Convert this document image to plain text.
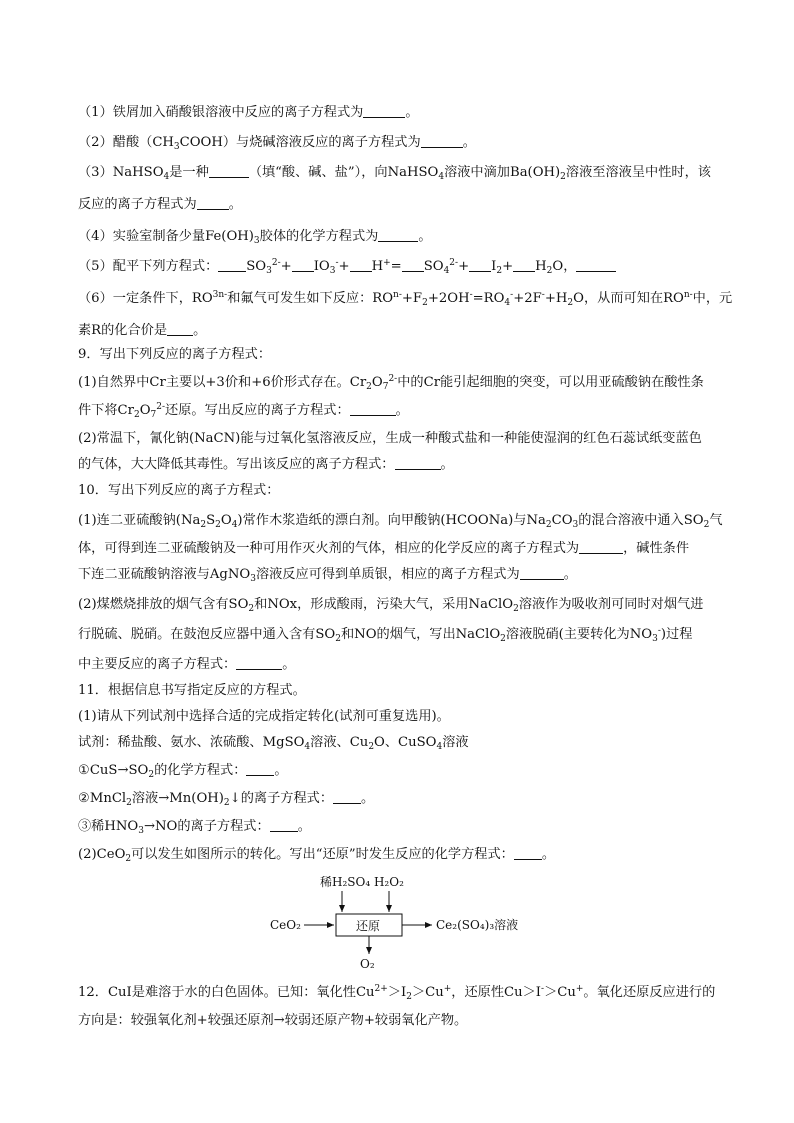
（1）铁屑加入硝酸银溶液中反应的离子方程式为	。
（2）醋酸$(CH_3COOH)$与烧碱溶液反应的离子方程式为	。
（3）NaHSO$_4$是一种	（填“酸、碱、盐”），向NaHSO$_4$溶液中滴加$Ba(OH)_2$溶液至溶液呈中性时，该
反应的离子方程式为 。
（4）实验室制备少量$Fe(OH)_3$胶体的化学方程式为	。
（5）配平下列方程式： $SO_3^{2-}+ IO_3^-+ H^+= SO_4^{2-}+ I_2+ H_2O$，
（6）一定条件下，$RO^{3n-}$和氟气可发生如下反应：$RO^{n-}+F_2+2OH^-=RO_4^-+2F^-+H_2O$，从而可知在$RO^{n-}$中，元
素R的化合价是 。
9．写出下列反应的离子方程式：
(1)自然界中Cr主要以+3价和+6价形式存在。$Cr_2O_7^{2-}$中的Cr能引起细胞的突变，可以用亚硫酸钠在酸性条
件下将$Cr_2O_7^{2-}$还原。写出反应的离子方程式：	。
(2)常温下，氰化钠(NaCN)能与过氧化氢溶液反应，生成一种酸式盐和一种能使湿润的红色石蕊试纸变蓝色
的气体，大大降低其毒性。写出该反应的离子方程式：	。
10．写出下列反应的离子方程式：
(1)连二亚硫酸钠$(Na_2S_2O_4)$常作木浆造纸的漂白剂。向甲酸钠(HCOONa)与$Na_2CO_3$的混合溶液中通入$SO_2$气
体，可得到连二亚硫酸钠及一种可用作灭火剂的气体，相应的化学反应的离子方程式为	，碱性条件
下连二亚硫酸钠溶液与AgNO$_3$溶液反应可得到单质银，相应的离子方程式为	。
(2)煤燃烧排放的烟气含有$SO_2$和NOx，形成酸雨，污染大气，采用NaClO$_2$溶液作为吸收剂可同时对烟气进
行脱硫、脱硝。在鼓泡反应器中通入含有$SO_2$和NO的烟气，写出NaClO$_2$溶液脱硝(主要转化为$NO_3^-$)过程
中主要反应的离子方程式：	。
11．根据信息书写指定反应的方程式。
(1)请从下列试剂中选择合适的完成指定转化(试剂可重复选用)。
试剂：稀盐酸、氨水、浓硫酸、MgSO$_4$溶液、$Cu_2O$、CuSO$_4$溶液
$①CuS\to SO_2$的化学方程式： 。
②MnCl$_2$溶液$\to Mn(OH)_2↓$的离子方程式： 。
③稀$HNO_3\to NO$的离子方程式： 。
(2)CeO$_2$可以发生如图所示的转化。写出“还原”时发生反应的化学方程式： 。
稀H₂SO₄ H₂O₂
CeO₂	还原	Ce₂(SO₄)₃溶液
O₂
12．CuI是难溶于水的白色固体。已知：氧化性$Cu^{2+}>I_2>Cu^+$，还原性Cu＞I-＞Cu+。氧化还原反应进行的
方向是：较强氧化剂+较强还原剂→较弱还原产物+较弱氧化产物。
